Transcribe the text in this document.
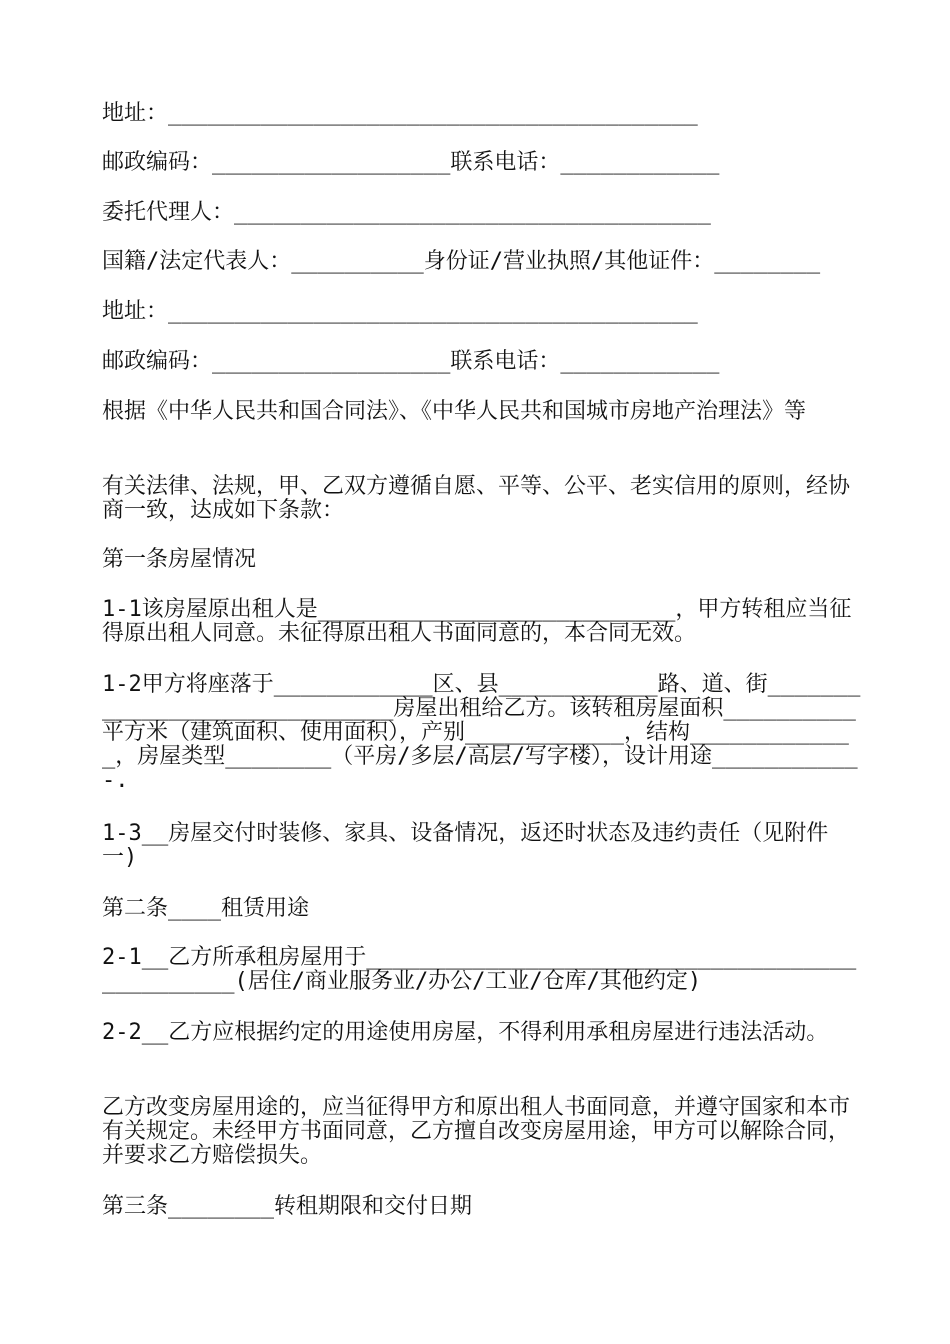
地址：________________________________________

邮政编码：__________________联系电话：____________

委托代理人：____________________________________

国籍/法定代表人：__________身份证/营业执照/其他证件：________

地址：________________________________________

邮政编码：__________________联系电话：____________

根据《中华人民共和国合同法》、《中华人民共和国城市房地产治理法》等

有关法律、法规，甲、乙双方遵循自愿、平等、公平、老实信用的原则，经协商一致，达成如下条款：

第一条房屋情况

1-1该房屋原出租人是___________________________，甲方转租应当征得原出租人同意。未征得原出租人书面同意的，本合同无效。

1-2甲方将座落于____________区、县____________路、道、街_____________________________房屋出租给乙方。该转租房屋面积__________平方米（建筑面积、使用面积），产别____________，结构_____________，房屋类型________（平房/多层/高层/写字楼），设计用途___________-.

1-3__房屋交付时装修、家具、设备情况，返还时状态及违约责任（见附件一)

第二条____租赁用途

2-1__乙方所承租房屋用于_______________________________________________(居住/商业服务业/办公/工业/仓库/其他约定)

2-2__乙方应根据约定的用途使用房屋，不得利用承租房屋进行违法活动。

乙方改变房屋用途的，应当征得甲方和原出租人书面同意，并遵守国家和本市有关规定。未经甲方书面同意，乙方擅自改变房屋用途，甲方可以解除合同，并要求乙方赔偿损失。

第三条________转租期限和交付日期
